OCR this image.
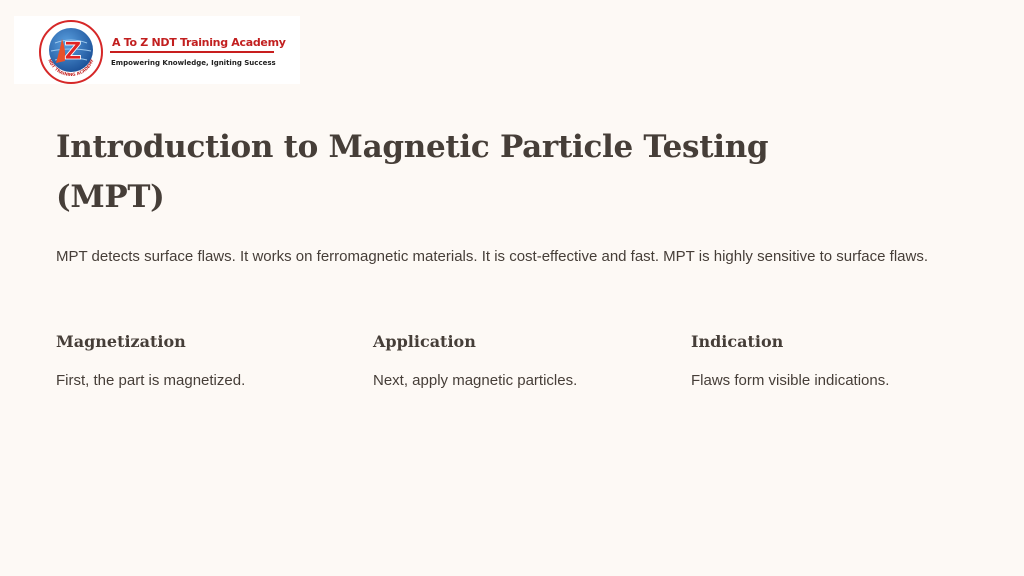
Z
NDT TRAINING ACADEMY
A To Z NDT Training Academy
Empowering Knowledge, Igniting Success
Introduction to Magnetic Particle Testing (MPT)

MPT detects surface flaws. It works on ferromagnetic materials. It is cost-effective and fast. MPT is highly sensitive to surface flaws.

Magnetization

First, the part is magnetized.

Application

Next, apply magnetic particles.

Indication

Flaws form visible indications.
